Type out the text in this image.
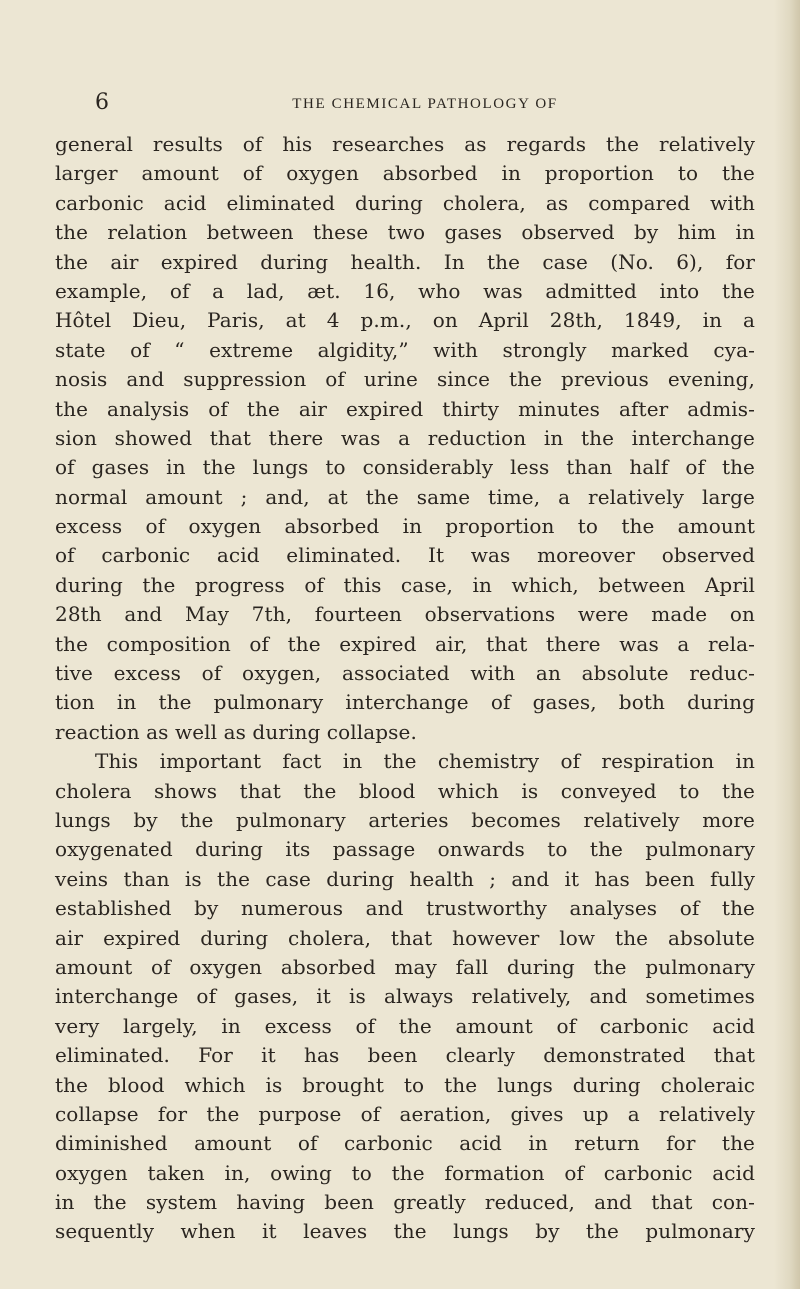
6	THE CHEMICAL PATHOLOGY OF
general results of his researches as regards the relatively
larger amount of oxygen absorbed in proportion to the
carbonic acid eliminated during cholera, as compared with
the relation between these two gases observed by him in
the air expired during health. In the case (No. 6), for
example, of a lad, æt. 16, who was admitted into the
Hôtel Dieu, Paris, at 4 p.m., on April 28th, 1849, in a
state of “ extreme algidity,” with strongly marked cya-
nosis and suppression of urine since the previous evening,
the analysis of the air expired thirty minutes after admis-
sion showed that there was a reduction in the interchange
of gases in the lungs to considerably less than half of the
normal amount ; and, at the same time, a relatively large
excess of oxygen absorbed in proportion to the amount
of carbonic acid eliminated. It was moreover observed
during the progress of this case, in which, between April
28th and May 7th, fourteen observations were made on
the composition of the expired air, that there was a rela-
tive excess of oxygen, associated with an absolute reduc-
tion in the pulmonary interchange of gases, both during
reaction as well as during collapse.
This important fact in the chemistry of respiration in
cholera shows that the blood which is conveyed to the
lungs by the pulmonary arteries becomes relatively more
oxygenated during its passage onwards to the pulmonary
veins than is the case during health ; and it has been fully
established by numerous and trustworthy analyses of the
air expired during cholera, that however low the absolute
amount of oxygen absorbed may fall during the pulmonary
interchange of gases, it is always relatively, and sometimes
very largely, in excess of the amount of carbonic acid
eliminated. For it has been clearly demonstrated that
the blood which is brought to the lungs during choleraic
collapse for the purpose of aeration, gives up a relatively
diminished amount of carbonic acid in return for the
oxygen taken in, owing to the formation of carbonic acid
in the system having been greatly reduced, and that con-
sequently when it leaves the lungs by the pulmonary
